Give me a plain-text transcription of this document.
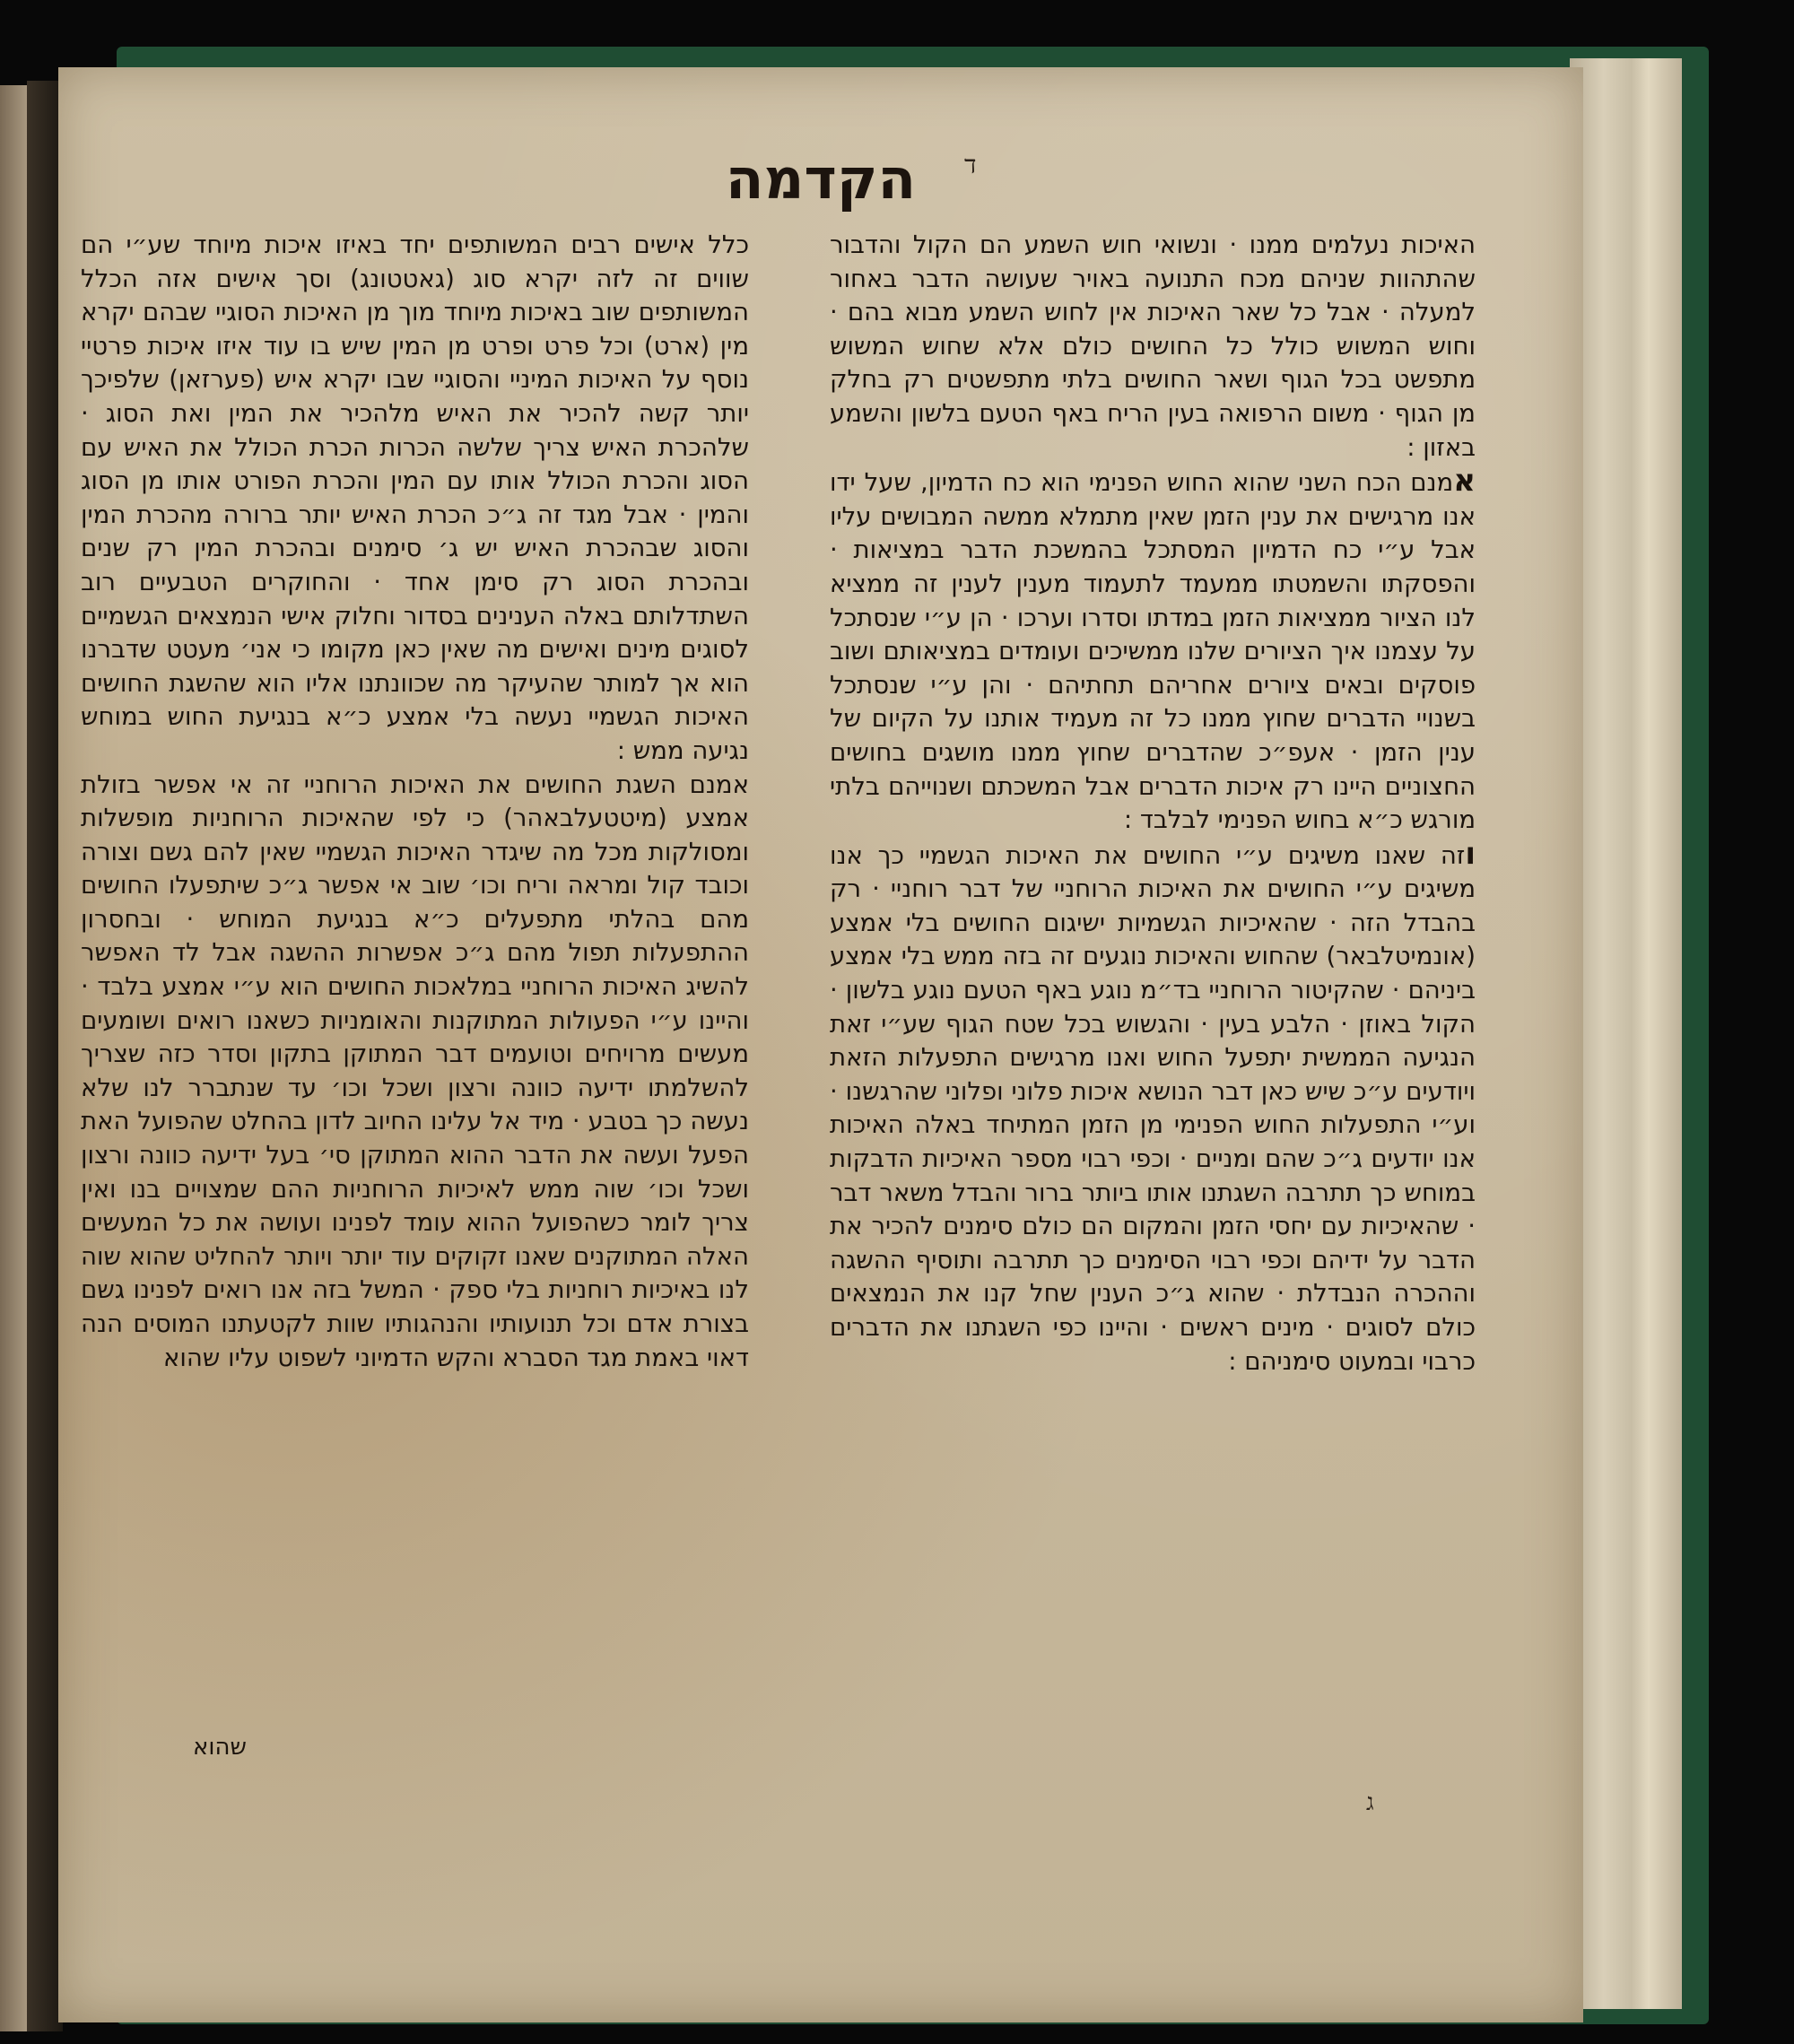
הקדמה	ד

האיכות נעלמים ממנו · ונשואי חוש השמע הם הקול והדבור שהתהוות שניהם מכח התנועה באויר שעושה הדבר באחור למעלה · אבל כל שאר האיכות אין לחוש השמע מבוא בהם · וחוש המשוש כולל כל החושים כולם אלא שחוש המשוש מתפשט בכל הגוף ושאר החושים בלתי מתפשטים רק בחלק מן הגוף · משום הרפואה בעין הריח באף הטעם בלשון והשמע באזון :

אמנם הכח השני שהוא החוש הפנימי הוא כח הדמיון, שעל ידו אנו מרגישים את ענין הזמן שאין מתמלא ממשה המבושים עליו אבל ע״י כח הדמיון המסתכל בהמשכת הדבר במציאות · והפסקתו והשמטתו ממעמד לתעמוד מענין לענין זה ממציא לנו הציור ממציאות הזמן במדתו וסדרו וערכו · הן ע״י שנסתכל על עצמנו איך הציורים שלנו ממשיכים ועומדים במציאותם ושוב פוסקים ובאים ציורים אחריהם תחתיהם · והן ע״י שנסתכל בשנויי הדברים שחוץ ממנו כל זה מעמיד אותנו על הקיום של ענין הזמן · אעפ״כ שהדברים שחוץ ממנו מושגים בחושים החצוניים היינו רק איכות הדברים אבל המשכתם ושנוייהם בלתי מורגש כ״א בחוש הפנימי לבלבד :

וזה שאנו משיגים ע״י החושים את האיכות הגשמיי כך אנו משיגים ע״י החושים את האיכות הרוחניי של דבר רוחניי · רק בהבדל הזה · שהאיכיות הגשמיות ישיגום החושים בלי אמצע (אונמיטלבאר) שהחוש והאיכות נוגעים זה בזה ממש בלי אמצע ביניהם · שהקיטור הרוחניי בד״מ נוגע באף הטעם נוגע בלשון · הקול באוזן · הלבע בעין · והגשוש בכל שטח הגוף שע״י זאת הנגיעה הממשית יתפעל החוש ואנו מרגישים התפעלות הזאת ויודעים ע״כ שיש כאן דבר הנושא איכות פלוני ופלוני שהרגשנו · וע״י התפעלות החוש הפנימי מן הזמן המתיחד באלה האיכות אנו יודעים ג״כ שהם ומניים · וכפי רבוי מספר האיכיות הדבקות במוחש כך תתרבה השגתנו אותו ביותר ברור והבדל משאר דבר · שהאיכיות עם יחסי הזמן והמקום הם כולם סימנים להכיר את הדבר על ידיהם וכפי רבוי הסימנים כך תתרבה ותוסיף ההשגה וההכרה הנבדלת · שהוא ג״כ הענין שחל קנו את הנמצאים כולם לסוגים · מינים ראשים · והיינו כפי השגתנו את הדברים כרבוי ובמעוט סימניהם :

כלל אישים רבים המשותפים יחד באיזו איכות מיוחד שע״י הם שווים זה לזה יקרא סוג (גאטטונג) וסך אישים אזה הכלל המשותפים שוב באיכות מיוחד מוך מן האיכות הסוגיי שבהם יקרא מין (ארט) וכל פרט ופרט מן המין שיש בו עוד איזו איכות פרטיי נוסף על האיכות המיניי והסוגיי שבו יקרא איש (פערזאן) שלפיכך יותר קשה להכיר את האיש מלהכיר את המין ואת הסוג · שלהכרת האיש צריך שלשה הכרות הכרת הכולל את האיש עם הסוג והכרת הכולל אותו עם המין והכרת הפורט אותו מן הסוג והמין · אבל מגד זה ג״כ הכרת האיש יותר ברורה מהכרת המין והסוג שבהכרת האיש יש ג׳ סימנים ובהכרת המין רק שנים ובהכרת הסוג רק סימן אחד · והחוקרים הטבעיים רוב השתדלותם באלה הענינים בסדור וחלוק אישי הנמצאים הגשמיים לסוגים מינים ואישים מה שאין כאן מקומו כי אני׳ מעטט שדברנו הוא אך למותר שהעיקר מה שכוונתנו אליו הוא שהשגת החושים האיכות הגשמיי נעשה בלי אמצע כ״א בנגיעת החוש במוחש נגיעה ממש :

אמנם השגת החושים את האיכות הרוחניי זה אי אפשר בזולת אמצע (מיטטעלבאהר) כי לפי שהאיכות הרוחניות מופשלות ומסולקות מכל מה שיגדר האיכות הגשמיי שאין להם גשם וצורה וכובד קול ומראה וריח וכו׳ שוב אי אפשר ג״כ שיתפעלו החושים מהם בהלתי מתפעלים כ״א בנגיעת המוחש · ובחסרון ההתפעלות תפול מהם ג״כ אפשרות ההשגה אבל לד האפשר להשיג האיכות הרוחניי במלאכות החושים הוא ע״י אמצע בלבד · והיינו ע״י הפעולות המתוקנות והאומניות כשאנו רואים ושומעים מעשים מרויחים וטועמים דבר המתוקן בתקון וסדר כזה שצריך להשלמתו ידיעה כוונה ורצון ושכל וכו׳ עד שנתברר לנו שלא נעשה כך בטבע · מיד אל עלינו החיוב לדון בהחלט שהפועל האת הפעל ועשה את הדבר ההוא המתוקן סי׳ בעל ידיעה כוונה ורצון ושכל וכו׳ שוה ממש לאיכיות הרוחניות ההם שמצויים בנו ואין צריך לומר כשהפועל ההוא עומד לפנינו ועושה את כל המעשים האלה המתוקנים שאנו זקוקים עוד יותר ויותר להחליט שהוא שוה לנו באיכיות רוחניות בלי ספק · המשל בזה אנו רואים לפנינו גשם בצורת אדם וכל תנועותיו והנהגותיו שוות לקטעתנו המוסים הנה דאוי באמת מגד הסברא והקש הדמיוני לשפוט עליו שהוא

שהוא
ג
